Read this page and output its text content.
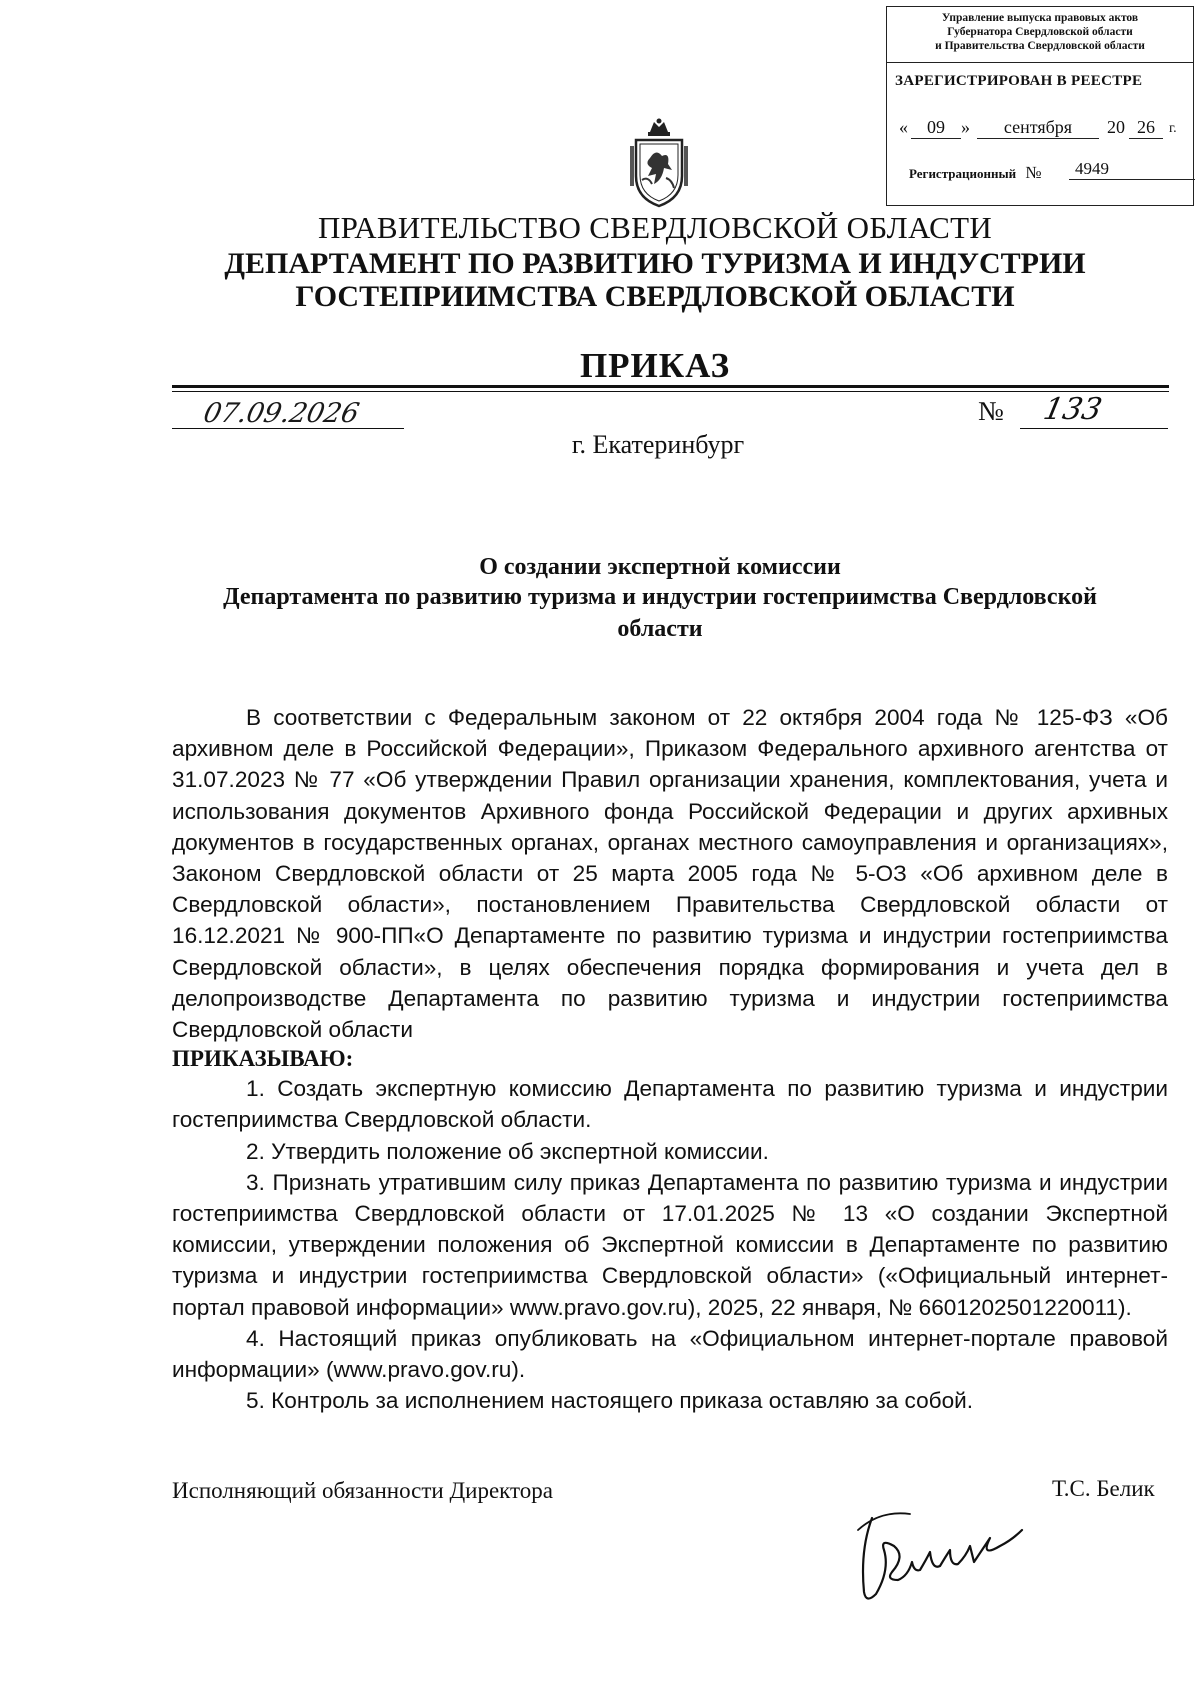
Управление выпуска правовых актов
Губернатора Свердловской области
и Правительства Свердловской области
ЗАРЕГИСТРИРОВАН В РЕЕСТРЕ
«	09 »	сентября	20 26	г.
Регистрационный №	4949
ПРАВИТЕЛЬСТВО СВЕРДЛОВСКОЙ ОБЛАСТИ
ДЕПАРТАМЕНТ ПО РАЗВИТИЮ ТУРИЗМА И ИНДУСТРИИ
ГОСТЕПРИИМСТВА СВЕРДЛОВСКОЙ ОБЛАСТИ
ПРИКАЗ
07.09.2026	№ 133
г. Екатеринбург
О создании экспертной комиссии
Департамента по развитию туризма и индустрии гостеприимства Свердловской
области

В соответствии с Федеральным законом от 22 октября 2004 года № 125-ФЗ «Об архивном деле в Российской Федерации», Приказом Федерального архивного агентства от 31.07.2023 № 77 «Об утверждении Правил организации хранения, комплектования, учета и использования документов Архивного фонда Российской Федерации и других архивных документов в государственных органах, органах местного самоуправления и организациях», Законом Свердловской области от 25 марта 2005 года № 5-ОЗ «Об архивном деле в Свердловской области», постановлением Правительства Свердловской области от 16.12.2021 № 900-ПП«О Департаменте по развитию туризма и индустрии гостеприимства Свердловской области», в целях обеспечения порядка формирования и учета дел в делопроизводстве Департамента по развитию туризма и индустрии гостеприимства Свердловской области

ПРИКАЗЫВАЮ:

1. Создать экспертную комиссию Департамента по развитию туризма и индустрии гостеприимства Свердловской области.

2. Утвердить положение об экспертной комиссии.

3. Признать утратившим силу приказ Департамента по развитию туризма и индустрии гостеприимства Свердловской области от 17.01.2025 № 13 «О создании Экспертной комиссии, утверждении положения об Экспертной комиссии в Департаменте по развитию туризма и индустрии гостеприимства Свердловской области» («Официальный интернет-портал правовой информации» www.pravo.gov.ru), 2025, 22 января, № 6601202501220011).

4. Настоящий приказ опубликовать на «Официальном интернет-портале правовой информации» (www.pravo.gov.ru).

5. Контроль за исполнением настоящего приказа оставляю за собой.

Исполняющий обязанности Директора	Т.С. Белик
